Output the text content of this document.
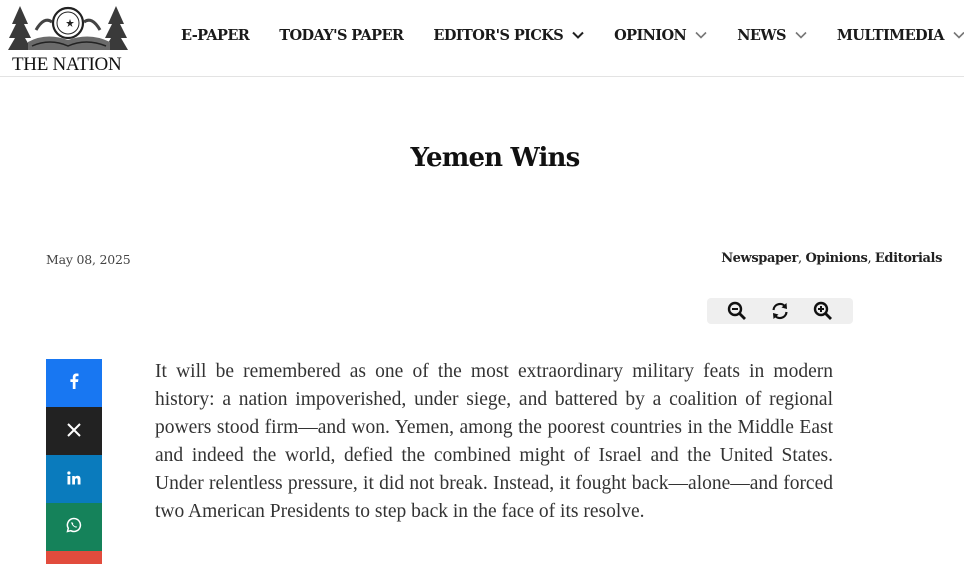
THE NATION
E-PAPER TODAY'S PAPER EDITOR'S PICKS	OPINION	NEWS	MULTIMEDIA
Yemen Wins
May 08, 2025	Newspaper, Opinions, Editorials

It will be remembered as one of the most extraordinary military feats in modern history: a nation impoverished, under siege, and battered by a coalition of regional powers stood firm—and won. Yemen, among the poorest countries in the Middle East and indeed the world, defied the combined might of Israel and the United States. Under relentless pressure, it did not break. Instead, it fought back—alone—and forced two American Presidents to step back in the face of its resolve.
